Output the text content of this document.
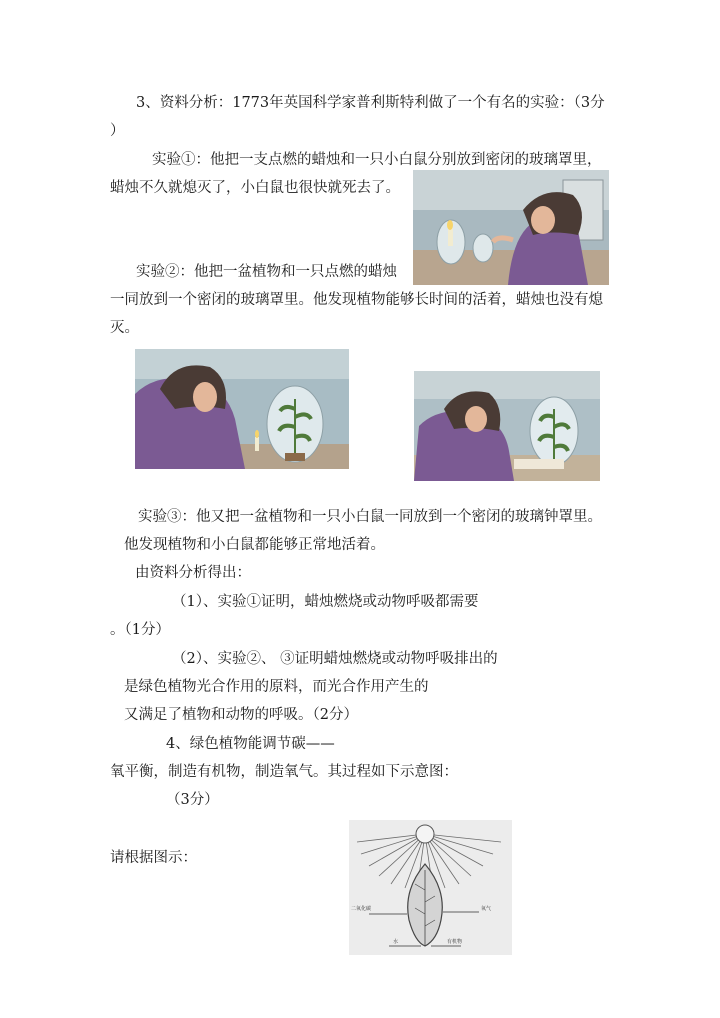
3、资料分析：1773年英国科学家普利斯特利做了一个有名的实验：（3分
）
实验①：他把一支点燃的蜡烛和一只小白鼠分别放到密闭的玻璃罩里，
蜡烛不久就熄灭了，小白鼠也很快就死去了。
实验②：他把一盆植物和一只点燃的蜡烛
一同放到一个密闭的玻璃罩里。他发现植物能够长时间的活着，蜡烛也没有熄
灭。
实验③：他又把一盆植物和一只小白鼠一同放到一个密闭的玻璃钟罩里。
他发现植物和小白鼠都能够正常地活着。
由资料分析得出：
（1）、实验①证明，蜡烛燃烧或动物呼吸都需要
。（1分）
（2）、实验②、 ③证明蜡烛燃烧或动物呼吸排出的
是绿色植物光合作用的原料，而光合作用产生的
又满足了植物和动物的呼吸。（2分）
4、绿色植物能调节碳——
氧平衡，制造有机物，制造氧气。其过程如下示意图：
（3分）
请根据图示：
二氧化碳	氧气
水	有机物
